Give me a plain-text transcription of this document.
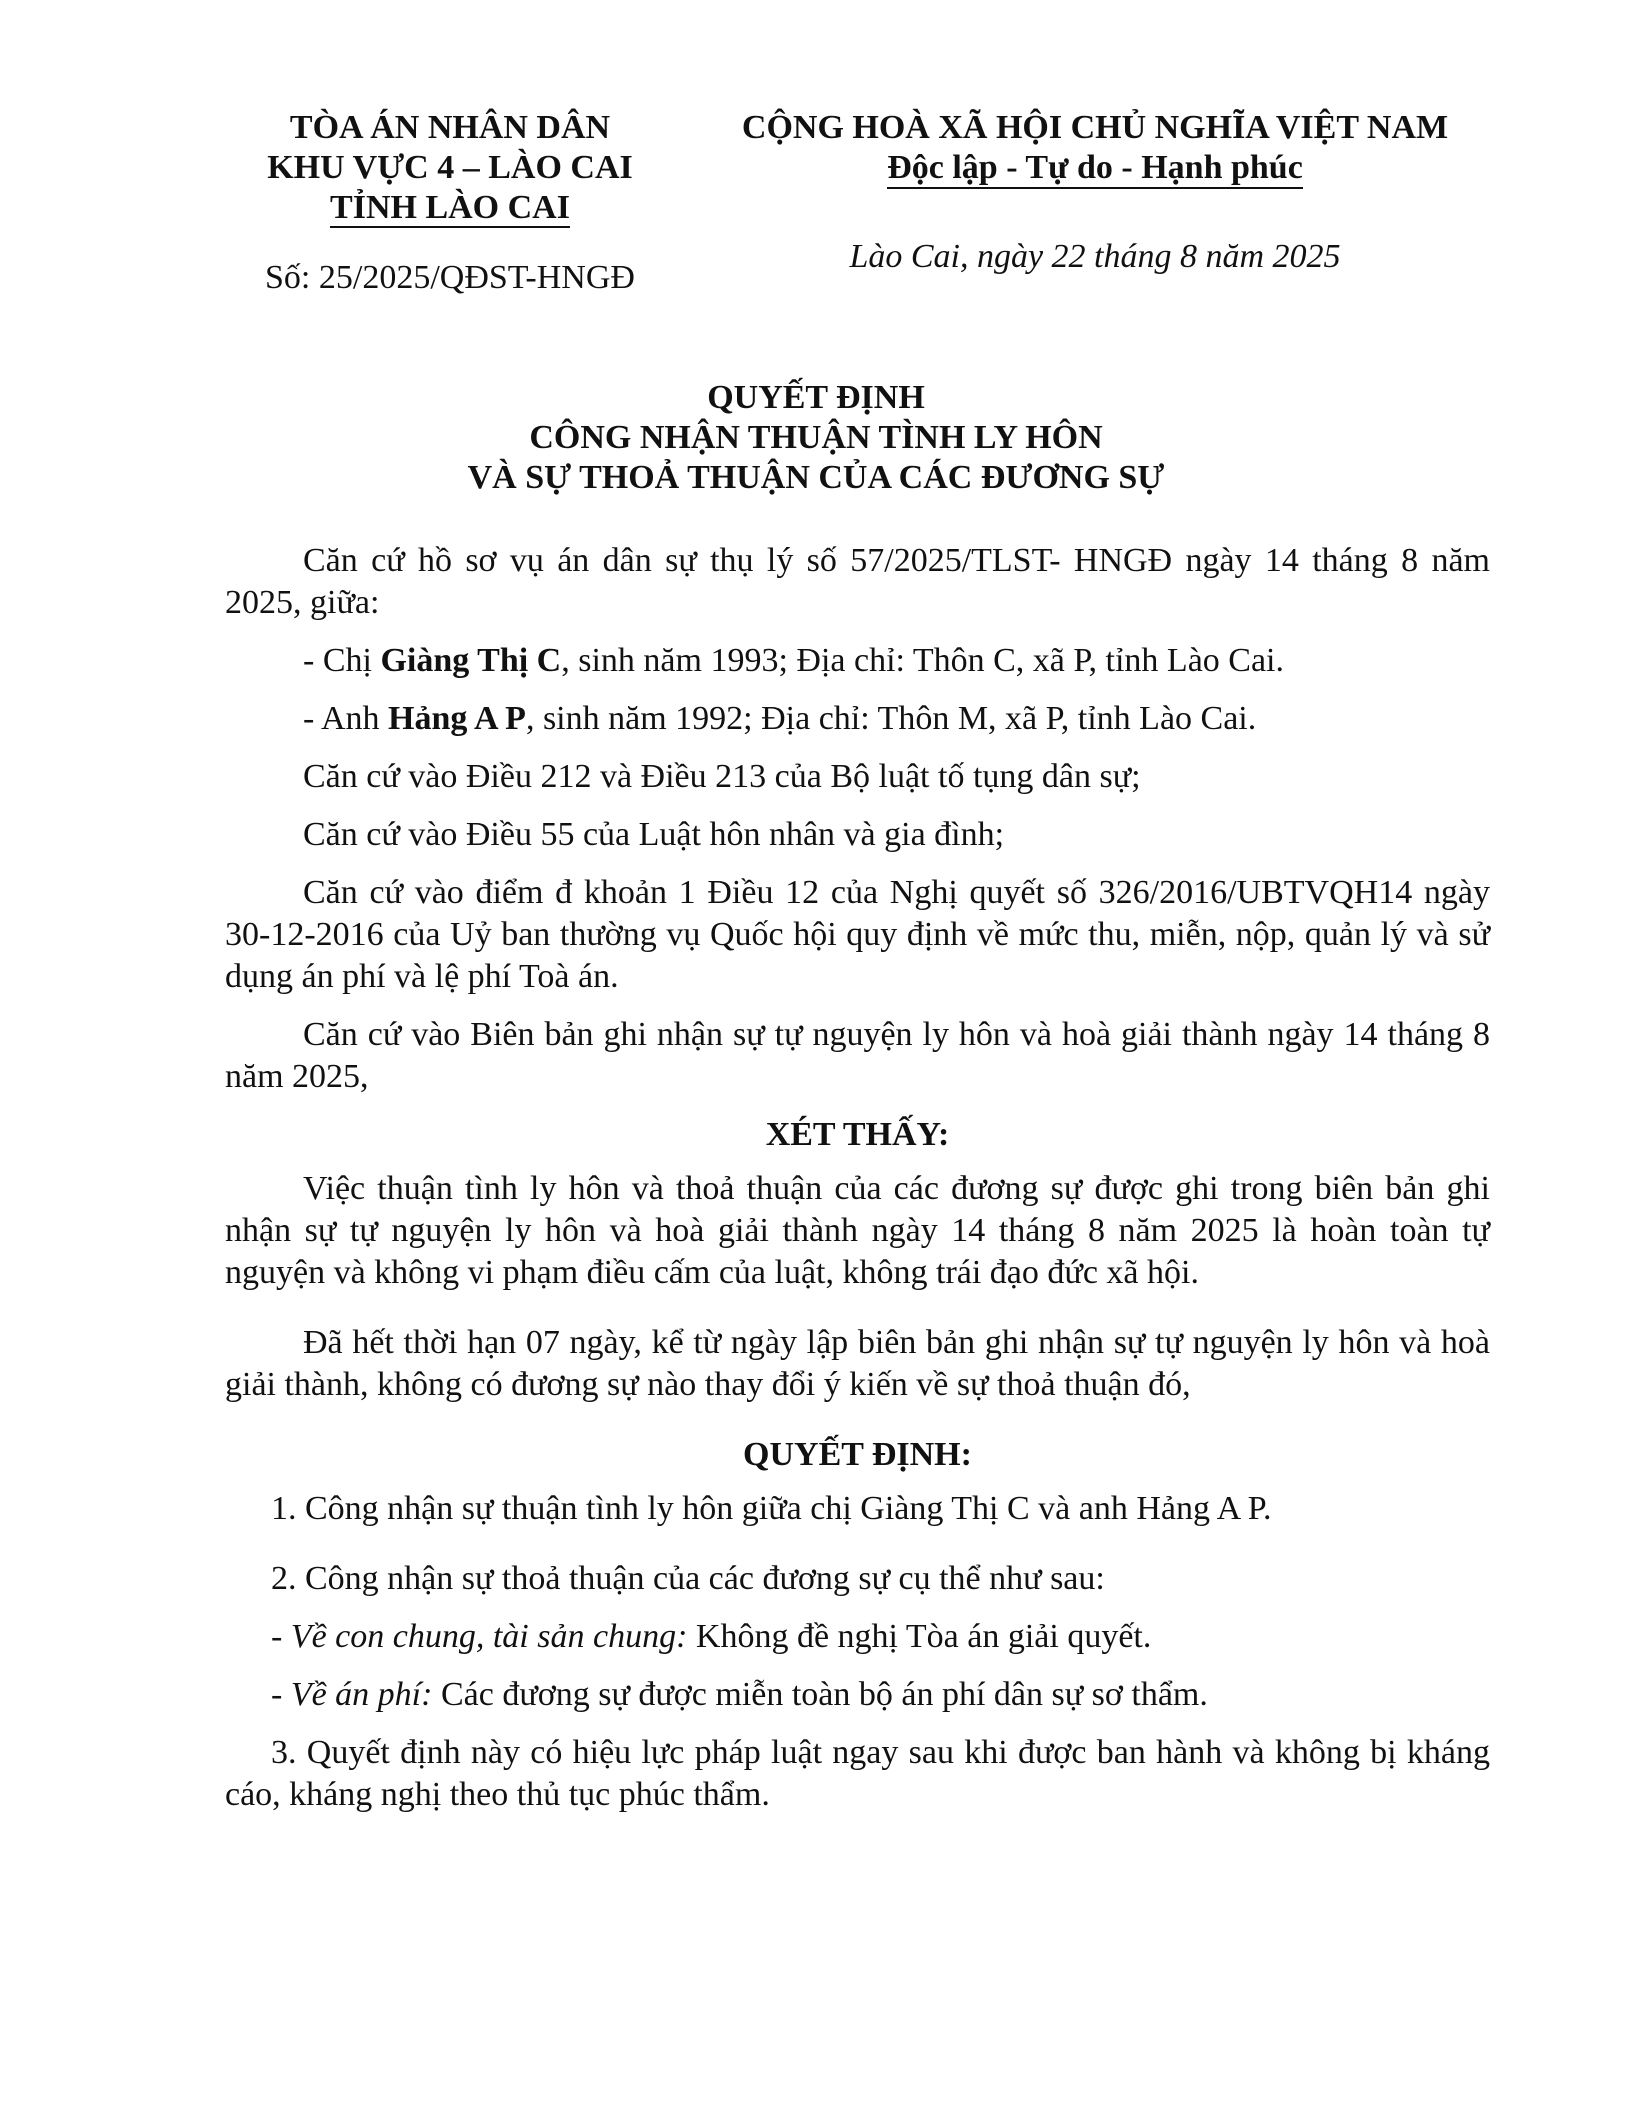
TÒA ÁN NHÂN DÂN
KHU VỰC 4 – LÀO CAI
TỈNH LÀO CAI
Số: 25/2025/QĐST-HNGĐ
CỘNG HOÀ XÃ HỘI CHỦ NGHĨA VIỆT NAM
Độc lập - Tự do - Hạnh phúc
Lào Cai, ngày 22 tháng 8 năm 2025
QUYẾT ĐỊNH
CÔNG NHẬN THUẬN TÌNH LY HÔN
VÀ SỰ THOẢ THUẬN CỦA CÁC ĐƯƠNG SỰ

Căn cứ hồ sơ vụ án dân sự thụ lý số 57/2025/TLST- HNGĐ ngày 14 tháng 8 năm 2025, giữa:

- Chị Giàng Thị C, sinh năm 1993; Địa chỉ: Thôn C, xã P, tỉnh Lào Cai.

- Anh Hảng A P, sinh năm 1992; Địa chỉ: Thôn M, xã P, tỉnh Lào Cai.

Căn cứ vào Điều 212 và Điều 213 của Bộ luật tố tụng dân sự;

Căn cứ vào Điều 55 của Luật hôn nhân và gia đình;

Căn cứ vào điểm đ khoản 1 Điều 12 của Nghị quyết số 326/2016/UBTVQH14 ngày 30-12-2016 của Uỷ ban thường vụ Quốc hội quy định về mức thu, miễn, nộp, quản lý và sử dụng án phí và lệ phí Toà án.

Căn cứ vào Biên bản ghi nhận sự tự nguyện ly hôn và hoà giải thành ngày 14 tháng 8 năm 2025,

XÉT THẤY:

Việc thuận tình ly hôn và thoả thuận của các đương sự được ghi trong biên bản ghi nhận sự tự nguyện ly hôn và hoà giải thành ngày 14 tháng 8 năm 2025 là hoàn toàn tự nguyện và không vi phạm điều cấm của luật, không trái đạo đức xã hội.

Đã hết thời hạn 07 ngày, kể từ ngày lập biên bản ghi nhận sự tự nguyện ly hôn và hoà giải thành, không có đương sự nào thay đổi ý kiến về sự thoả thuận đó,

QUYẾT ĐỊNH:

1. Công nhận sự thuận tình ly hôn giữa chị Giàng Thị C và anh Hảng A P.

2. Công nhận sự thoả thuận của các đương sự cụ thể như sau:

- Về con chung, tài sản chung: Không đề nghị Tòa án giải quyết.

- Về án phí: Các đương sự được miễn toàn bộ án phí dân sự sơ thẩm.

3. Quyết định này có hiệu lực pháp luật ngay sau khi được ban hành và không bị kháng cáo, kháng nghị theo thủ tục phúc thẩm.
